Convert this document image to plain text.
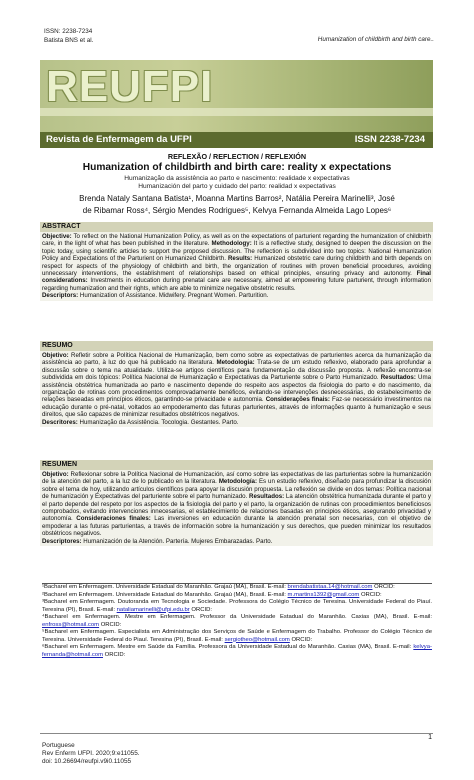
ISSN: 2238-7234
Batista BNS et al.	Humanization of childbirth and birth care..
REUFPI
Revista de Enfermagem da UFPI	ISSN 2238-7234
REFLEXÃO / REFLECTION / REFLEXIÓN
Humanization of childbirth and birth care: reality x expectations
Humanização da assistência ao parto e nascimento: realidade x expectativas
Humanización del parto y cuidado del parto: realidad x expectativas
Brenda Nataly Santana Batista¹, Moanna Martins Barros², Natália Pereira Marinelli³, José
de Ribamar Ross⁴, Sérgio Mendes Rodrigues⁵, Kelvya Fernanda Almeida Lago Lopes⁶
ABSTRACT
Objective: To reflect on the National Humanization Policy, as well as on the expectations of parturient regarding the humanization of childbirth care, in the light of what has been published in the literature. Methodology: It is a reflective study, designed to deepen the discussion on the topic today, using scientific articles to support the proposed discussion. The reflection is subdivided into two topics: National Humanization Policy and Expectations of the Parturient on Humanized Childbirth. Results: Humanized obstetric care during childbirth and birth depends on respect for aspects of the physiology of childbirth and birth, the organization of routines with proven beneficial procedures, avoiding unnecessary interventions, the establishment of relationships based on ethical principles, ensuring privacy and autonomy. Final considerations: Investments in education during prenatal care are necessary, aimed at empowering future parturient, through information regarding humanization and their rights, which are able to minimize negative obstetric results.
Descriptors: Humanization of Assistance. Midwifery. Pregnant Women. Parturition.
RESUMO
Objetivo: Refletir sobre a Política Nacional de Humanização, bem como sobre as expectativas de parturientes acerca da humanização da assistência ao parto, à luz do que há publicado na literatura. Metodologia: Trata-se de um estudo reflexivo, elaborado para aprofundar a discussão sobre o tema na atualidade. Utiliza-se artigos científicos para fundamentação da discussão proposta. A reflexão encontra-se subdividida em dois tópicos: Política Nacional de Humanização e Expectativas da Parturiente sobre o Parto Humanizado. Resultados: Uma assistência obstétrica humanizada ao parto e nascimento depende do respeito aos aspectos da fisiologia do parto e do nascimento, da organização de rotinas com procedimentos comprovadamente benéficos, evitando-se intervenções desnecessárias, do estabelecimento de relações baseadas em princípios éticos, garantindo-se privacidade e autonomia. Considerações finais: Faz-se necessário investimentos na educação durante o pré-natal, voltados ao empoderamento das futuras parturientes, através de informações quanto à humanização e seus direitos, que são capazes de minimizar resultados obstétricos negativos.
Descritores: Humanização da Assistência. Tocologia. Gestantes. Parto.
RESUMEN
Objetivo: Reflexionar sobre la Política Nacional de Humanización, así como sobre las expectativas de las parturientas sobre la humanización de la atención del parto, a la luz de lo publicado en la literatura. Metodología: Es un estudio reflexivo, diseñado para profundizar la discusión sobre el tema de hoy, utilizando artículos científicos para apoyar la discusión propuesta. La reflexión se divide en dos temas: Política nacional de humanización y Expectativas del parturiente sobre el parto humanizado. Resultados: La atención obstétrica humanizada durante el parto y el parto depende del respeto por los aspectos de la fisiología del parto y el parto, la organización de rutinas con procedimientos beneficiosos comprobados, evitando intervenciones innecesarias, el establecimiento de relaciones basadas en principios éticos, asegurando privacidad y autonomía. Consideraciones finales: Las inversiones en educación durante la atención prenatal son necesarias, con el objetivo de empoderar a las futuras parturientas, a través de información sobre la humanización y sus derechos, que pueden minimizar los resultados obstétricos negativos.
Descriptores: Humanización de la Atención. Partería. Mujeres Embarazadas. Parto.

¹Bacharel em Enfermagem. Universidade Estadual do Maranhão. Grajaú (MA), Brasil. E-mail: brendabatistaa.14@hotmail.com ORCID:

²Bacharel em Enfermagem. Universidade Estadual do Maranhão. Grajaú (MA), Brasil. E-mail: m.martins1392@gmail.com ORCID:

³Bacharel em Enfermagem. Doutoranda em Tecnologia e Sociedade. Professora do Colégio Técnico de Teresina. Universidade Federal do Piauí. Teresina (PI), Brasil. E-mail: nataliamarinelli@ufpi.edu.br ORCID:

⁴Bacharel em Enfermagem. Mestre em Enfermagem. Professor da Universidade Estadual do Maranhão. Caxias (MA), Brasil. E-mail: enfross@hotmail.com ORCID:

⁵Bacharel em Enfermagem. Especialista em Administração dos Serviços de Saúde e Enfermagem do Trabalho. Professor do Colégio Técnico de Teresina. Universidade Federal do Piauí. Teresina (PI), Brasil. E-mail: sergiotheo@hotmail.com ORCID:

⁶Bacharel em Enfermagem. Mestre em Saúde da Família. Professora da Universidade Estadual do Maranhão. Caxias (MA), Brasil. E-mail: kelvya-fernanda@hotmail.com ORCID:

1
Portuguese
Rev Enferm UFPI. 2020;9:e11055.
doi: 10.26694/reufpi.v9i0.11055
